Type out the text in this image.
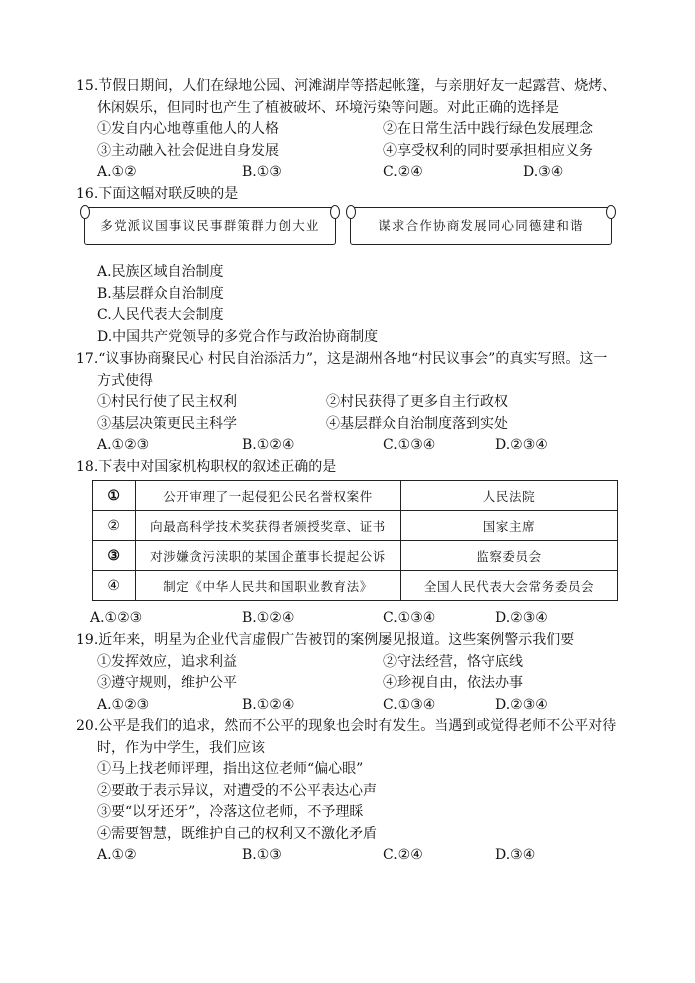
15.节假日期间，人们在绿地公园、河滩湖岸等搭起帐篷，与亲朋好友一起露营、烧烤、
休闲娱乐，但同时也产生了植被破坏、环境污染等问题。对此正确的选择是
①发自内心地尊重他人的人格	②在日常生活中践行绿色发展理念
③主动融入社会促进自身发展	④享受权利的同时要承担相应义务
A.①②	B.①③	C.②④	D.③④
16.下面这幅对联反映的是
多党派议国事议民事群策群力创大业	谋求合作协商发展同心同德建和谐
A.民族区域自治制度
B.基层群众自治制度
C.人民代表大会制度
D.中国共产党领导的多党合作与政治协商制度
17.“议事协商聚民心 村民自治添活力”，这是湖州各地“村民议事会”的真实写照。这一
方式使得
①村民行使了民主权利	②村民获得了更多自主行政权
③基层决策更民主科学	④基层群众自治制度落到实处
A.①②③	B.①②④	C.①③④	D.②③④
18.下表中对国家机构职权的叙述正确的是
①	公开审理了一起侵犯公民名誉权案件	人民法院
②	向最高科学技术奖获得者颁授奖章、证书	国家主席
③	对涉嫌贪污渎职的某国企董事长提起公诉	监察委员会
④	制定《中华人民共和国职业教育法》	全国人民代表大会常务委员会
A.①②③	B.①②④	C.①③④	D.②③④
19.近年来，明星为企业代言虚假广告被罚的案例屡见报道。这些案例警示我们要
①发挥效应，追求利益	②守法经营，恪守底线
③遵守规则，维护公平	④珍视自由，依法办事
A.①②③	B.①②④	C.①③④	D.②③④
20.公平是我们的追求，然而不公平的现象也会时有发生。当遇到或觉得老师不公平对待
时，作为中学生，我们应该
①马上找老师评理，指出这位老师“偏心眼”
②要敢于表示异议，对遭受的不公平表达心声
③要“以牙还牙”，冷落这位老师，不予理睬
④需要智慧，既维护自己的权利又不激化矛盾
A.①②	B.①③	C.②④	D.③④
